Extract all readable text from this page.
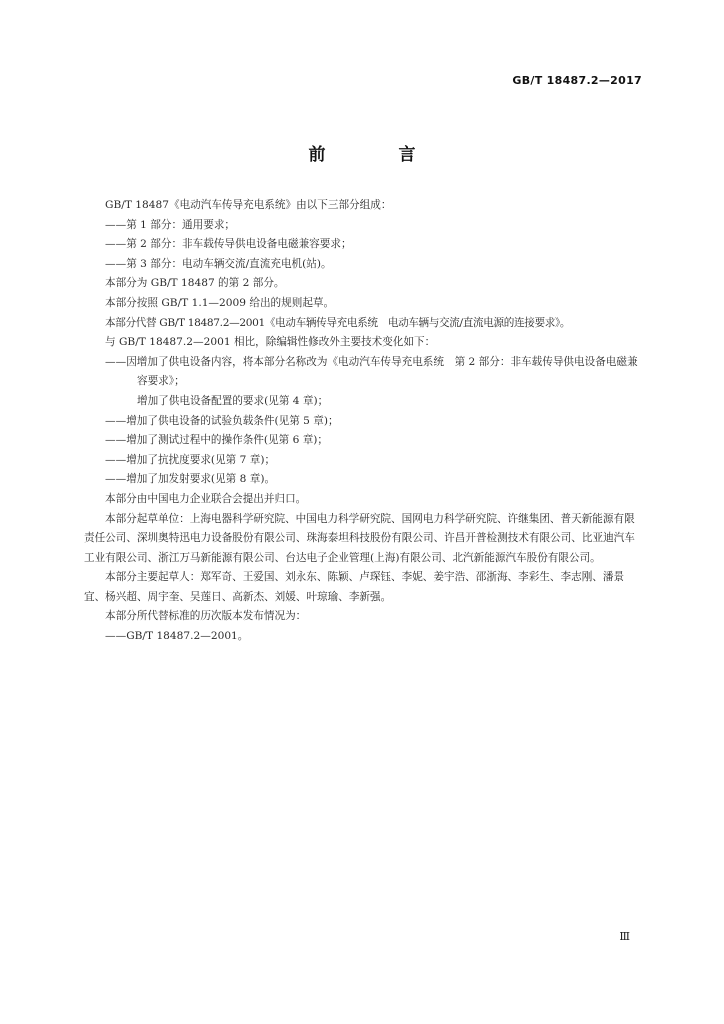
GB/T 18487.2—2017
前　言

GB/T 18487《电动汽车传导充电系统》由以下三部分组成：

——第 1 部分：通用要求；

——第 2 部分：非车载传导供电设备电磁兼容要求；

——第 3 部分：电动车辆交流/直流充电机(站)。

本部分为 GB/T 18487 的第 2 部分。

本部分按照 GB/T 1.1—2009 给出的规则起草。

本部分代替 GB/T 18487.2—2001《电动车辆传导充电系统　电动车辆与交流/直流电源的连接要求》。

与 GB/T 18487.2—2001 相比，除编辑性修改外主要技术变化如下：

——因增加了供电设备内容，将本部分名称改为《电动汽车传导充电系统　第 2 部分：非车载传导供电设备电磁兼容要求》；

增加了供电设备配置的要求(见第 4 章)；

——增加了供电设备的试验负载条件(见第 5 章)；

——增加了测试过程中的操作条件(见第 6 章)；

——增加了抗扰度要求(见第 7 章)；

——增加了加发射要求(见第 8 章)。

本部分由中国电力企业联合会提出并归口。

本部分起草单位：上海电器科学研究院、中国电力科学研究院、国网电力科学研究院、许继集团、普天新能源有限责任公司、深圳奥特迅电力设备股份有限公司、珠海泰坦科技股份有限公司、许昌开普检测技术有限公司、比亚迪汽车工业有限公司、浙江万马新能源有限公司、台达电子企业管理(上海)有限公司、北汽新能源汽车股份有限公司。

本部分主要起草人：郑军奇、王爱国、刘永东、陈颖、卢琛钰、李妮、姜宇浩、邵浙海、李彩生、李志刚、潘景宜、杨兴超、周宇奎、吴莲日、高新杰、刘媛、叶琼瑜、李新强。

本部分所代替标准的历次版本发布情况为：

——GB/T 18487.2—2001。

Ⅲ
